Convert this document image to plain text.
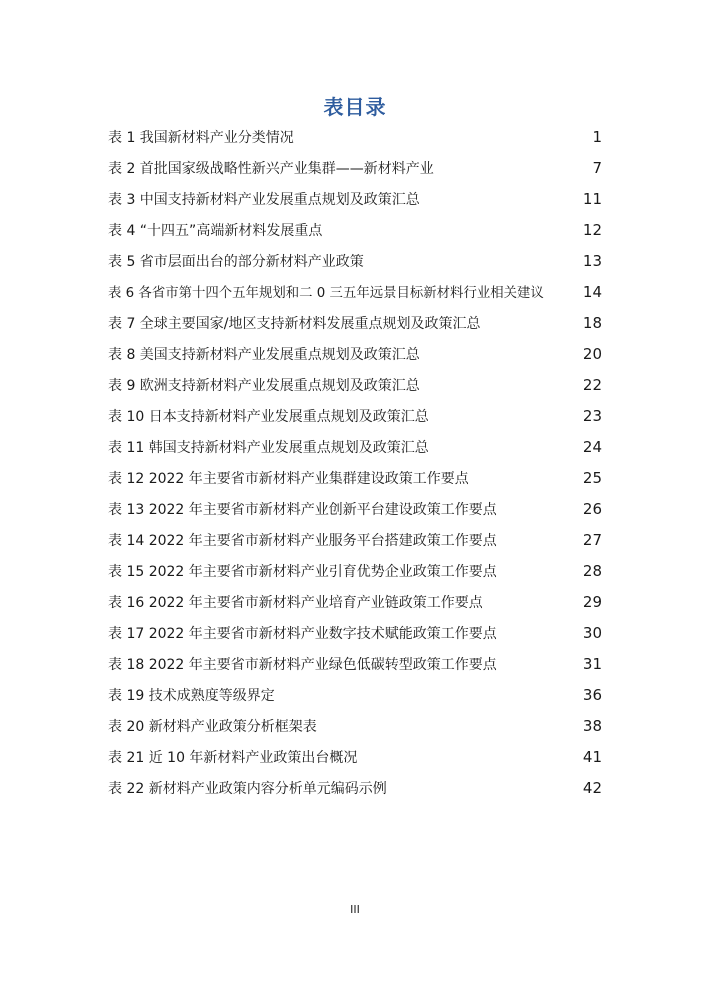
表目录
表 1 我国新材料产业分类情况	1
表 2 首批国家级战略性新兴产业集群——新材料产业	7
表 3 中国支持新材料产业发展重点规划及政策汇总	11
表 4 “十四五”高端新材料发展重点	12
表 5 省市层面出台的部分新材料产业政策	13
表 6 各省市第十四个五年规划和二 0 三五年远景目标新材料行业相关建议	14
表 7 全球主要国家/地区支持新材料发展重点规划及政策汇总	18
表 8 美国支持新材料产业发展重点规划及政策汇总	20
表 9 欧洲支持新材料产业发展重点规划及政策汇总	22
表 10 日本支持新材料产业发展重点规划及政策汇总	23
表 11 韩国支持新材料产业发展重点规划及政策汇总	24
表 12 2022 年主要省市新材料产业集群建设政策工作要点	25
表 13 2022 年主要省市新材料产业创新平台建设政策工作要点	26
表 14 2022 年主要省市新材料产业服务平台搭建政策工作要点	27
表 15 2022 年主要省市新材料产业引育优势企业政策工作要点	28
表 16 2022 年主要省市新材料产业培育产业链政策工作要点	29
表 17 2022 年主要省市新材料产业数字技术赋能政策工作要点	30
表 18 2022 年主要省市新材料产业绿色低碳转型政策工作要点	31
表 19 技术成熟度等级界定	36
表 20 新材料产业政策分析框架表	38
表 21 近 10 年新材料产业政策出台概况	41
表 22 新材料产业政策内容分析单元编码示例	42
III
